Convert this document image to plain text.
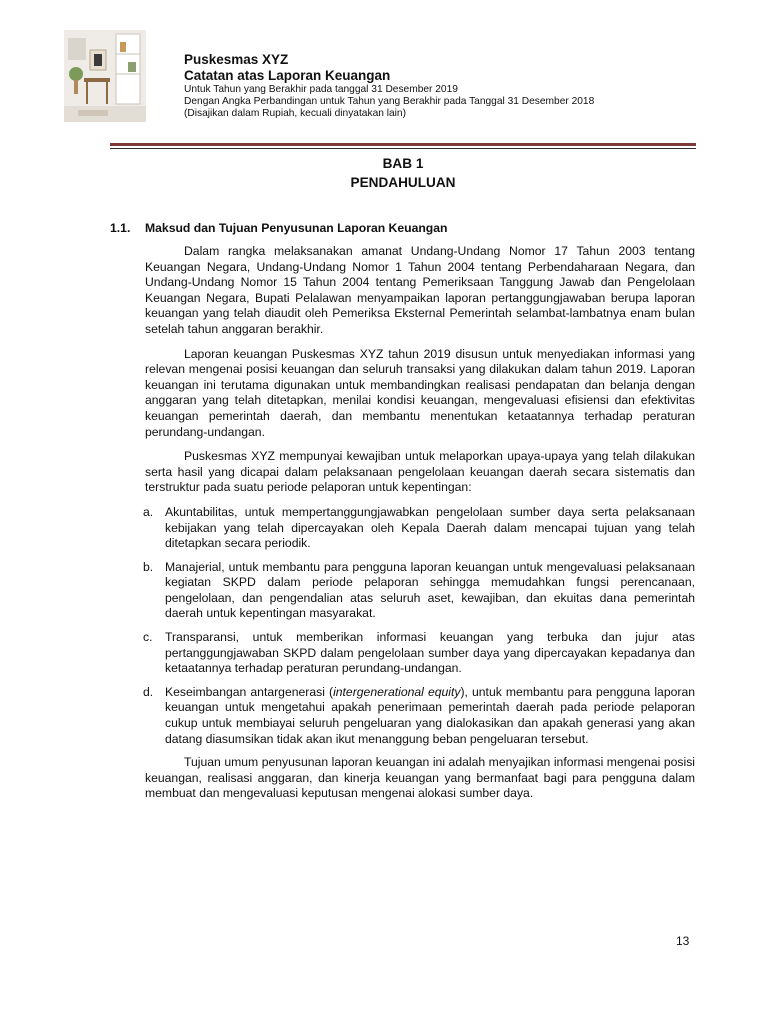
Puskesmas XYZ
Catatan atas Laporan Keuangan
Untuk Tahun yang Berakhir pada tanggal 31 Desember 2019
Dengan Angka Perbandingan untuk Tahun yang Berakhir pada Tanggal 31 Desember 2018
(Disajikan dalam Rupiah, kecuali dinyatakan lain)
BAB 1
PENDAHULUAN
1.1. Maksud dan Tujuan Penyusunan Laporan Keuangan

Dalam rangka melaksanakan amanat Undang-Undang Nomor 17 Tahun 2003 tentang Keuangan Negara, Undang-Undang Nomor 1 Tahun 2004 tentang Perbendaharaan Negara, dan Undang-Undang Nomor 15 Tahun 2004 tentang Pemeriksaan Tanggung Jawab dan Pengelolaan Keuangan Negara, Bupati Pelalawan menyampaikan laporan pertanggungjawaban berupa laporan keuangan yang telah diaudit oleh Pemeriksa Eksternal Pemerintah selambat-lambatnya enam bulan setelah tahun anggaran berakhir.

Laporan keuangan Puskesmas XYZ tahun 2019 disusun untuk menyediakan informasi yang relevan mengenai posisi keuangan dan seluruh transaksi yang dilakukan dalam tahun 2019. Laporan keuangan ini terutama digunakan untuk membandingkan realisasi pendapatan dan belanja dengan anggaran yang telah ditetapkan, menilai kondisi keuangan, mengevaluasi efisiensi dan efektivitas keuangan pemerintah daerah, dan membantu menentukan ketaatannya terhadap peraturan perundang-undangan.

Puskesmas XYZ mempunyai kewajiban untuk melaporkan upaya-upaya yang telah dilakukan serta hasil yang dicapai dalam pelaksanaan pengelolaan keuangan daerah secara sistematis dan terstruktur pada suatu periode pelaporan untuk kepentingan:

a. Akuntabilitas, untuk mempertanggungjawabkan pengelolaan sumber daya serta pelaksanaan kebijakan yang telah dipercayakan oleh Kepala Daerah dalam mencapai tujuan yang telah ditetapkan secara periodik.
b. Manajerial, untuk membantu para pengguna laporan keuangan untuk mengevaluasi pelaksanaan kegiatan SKPD dalam periode pelaporan sehingga memudahkan fungsi perencanaan, pengelolaan, dan pengendalian atas seluruh aset, kewajiban, dan ekuitas dana pemerintah daerah untuk kepentingan masyarakat.
c. Transparansi, untuk memberikan informasi keuangan yang terbuka dan jujur atas pertanggungjawaban SKPD dalam pengelolaan sumber daya yang dipercayakan kepadanya dan ketaatannya terhadap peraturan perundang-undangan.
d. Keseimbangan antargenerasi (intergenerational equity), untuk membantu para pengguna laporan keuangan untuk mengetahui apakah penerimaan pemerintah daerah pada periode pelaporan cukup untuk membiayai seluruh pengeluaran yang dialokasikan dan apakah generasi yang akan datang diasumsikan tidak akan ikut menanggung beban pengeluaran tersebut.

Tujuan umum penyusunan laporan keuangan ini adalah menyajikan informasi mengenai posisi keuangan, realisasi anggaran, dan kinerja keuangan yang bermanfaat bagi para pengguna dalam membuat dan mengevaluasi keputusan mengenai alokasi sumber daya.

13
